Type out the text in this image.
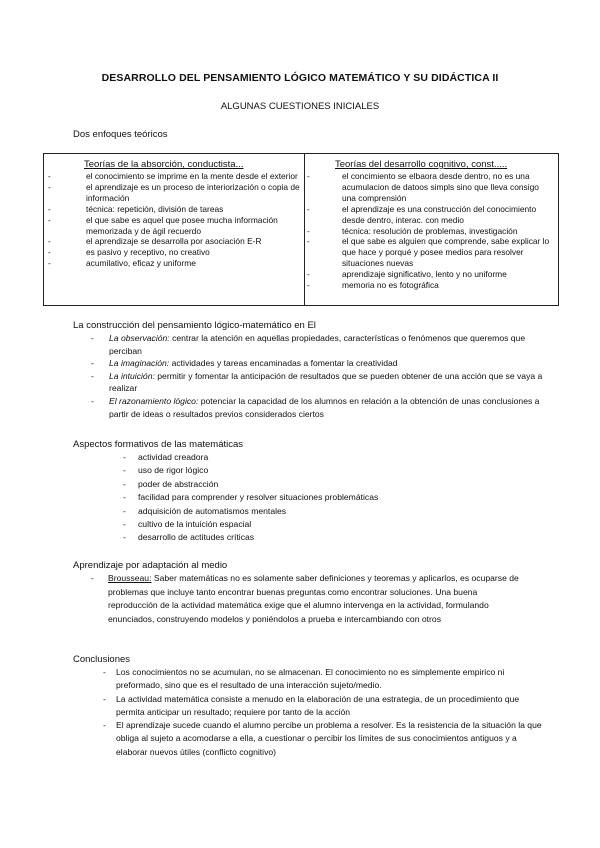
DESARROLLO DEL PENSAMIENTO LÓGICO MATEMÁTICO Y SU DIDÁCTICA II
ALGUNAS CUESTIONES INICIALES
Dos enfoques teóricos
Teorías de la absorción, conductista...
-	el conocimiento se imprime en la mente desde el exterior
-	el aprendizaje es un proceso de interiorización o copia de información
-	técnica: repetición, división de tareas
-	el que sabe es aquel que posee mucha información memorizada y de ágil recuerdo
-	el aprendizaje se desarrolla por asociación E-R
-	es pasivo y receptivo, no creativo
-	acumilativo, eficaz y uniforme
Teorías del desarrollo cognitivo, const.....
-	el concimiento se elbaora desde dentro, no es una acumulacion de datoos simpls sino que lleva consigo una comprensión
-	el aprendizaje es una construcción del conocimiento desde dentro, interac. con medio
-	técnica: resolución de problemas, investigación
-	el que sabe es alguien que comprende, sabe explicar lo que hace y porqué y posee medios para resolver situaciones nuevas
-	aprendizaje significativo, lento y no uniforme
-	memoria no es fotográfica
La construcción del pensamiento lógico-matemático en El
- La observación: centrar la atención en aquellas propiedades, características o fenómenos que queremos que perciban
- La imaginación: actividades y tareas encaminadas a fomentar la creatividad
- La intuición: permitir y fomentar la anticipación de resultados que se pueden obtener de una acción que se vaya a realizar
- El razonamiento lógico: potenciar la capacidad de los alumnos en relación a la obtención de unas conclusiones a partir de ideas o resultados previos considerados ciertos
Aspectos formativos de las matemáticas
- actividad creadora
- uso de rigor lógico
- poder de abstracción
- facilidad para comprender y resolver situaciones problemáticas
- adquisición de automatismos mentales
- cultivo de la intuición espacial
- desarrollo de actitudes críticas
Aprendizaje por adaptación al medio
- Brousseau: Saber matemáticas no es solamente saber definiciones y teoremas y aplicarlos, es ocuparse de problemas que incluye tanto encontrar buenas preguntas como encontrar soluciones. Una buena reproducción de la actividad matemática exige que el alumno intervenga en la actividad, formulando enunciados, construyendo modelos y poniéndolos a prueba e intercambiando con otros
Conclusiones
- Los conocimientos no se acumulan, no se almacenan. El conocimiento no es simplemente empirico ni preformado, sino que es el resultado de una interacción sujeto/medio.
- La actividad matemática consiste a menudo en la elaboración de una estrategia, de un procedimiento que permita anticipar un resultado; requiere por tanto de la acción
- El aprendizaje sucede cuando el alumno percibe un problema a resolver. Es la resistencia de la situación la que obliga al sujeto a acomodarse a ella, a cuestionar o percibir los límites de sus conocimientos antiguos y a elaborar nuevos útiles (conflicto cognitivo)
